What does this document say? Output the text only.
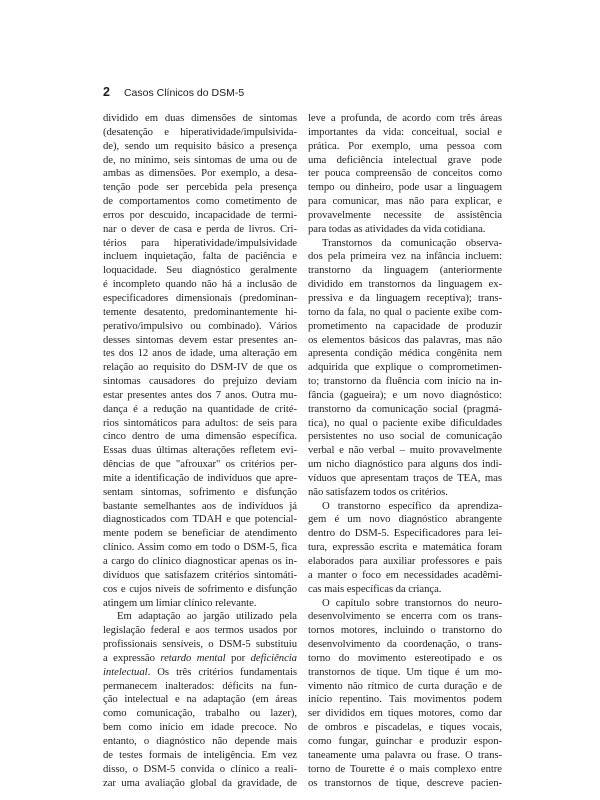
2 Casos Clínicos do DSM-5
dividido em duas dimensões de sintomas
(desatenção e hiperatividade/impulsivida-
de), sendo um requisito básico a presença
de, no mínimo, seis sintomas de uma ou de
ambas as dimensões. Por exemplo, a desa-
tenção pode ser percebida pela presença
de comportamentos como cometimento de
erros por descuido, incapacidade de termi-
nar o dever de casa e perda de livros. Cri-
térios para hiperatividade/impulsividade
incluem inquietação, falta de paciência e
loquacidade. Seu diagnóstico geralmente
é incompleto quando não há a inclusão de
especificadores dimensionais (predominan-
temente desatento, predominantemente hi-
perativo/impulsivo ou combinado). Vários
desses sintomas devem estar presentes an-
tes dos 12 anos de idade, uma alteração em
relação ao requisito do DSM-IV de que os
sintomas causadores do prejuízo deviam
estar presentes antes dos 7 anos. Outra mu-
dança é a redução na quantidade de crité-
rios sintomáticos para adultos: de seis para
cinco dentro de uma dimensão específica.
Essas duas últimas alterações refletem evi-
dências de que "afrouxar" os critérios per-
mite a identificação de indivíduos que apre-
sentam sintomas, sofrimento e disfunção
bastante semelhantes aos de indivíduos já
diagnosticados com TDAH e que potencial-
mente podem se beneficiar de atendimento
clínico. Assim como em todo o DSM-5, fica
a cargo do clínico diagnosticar apenas os in-
divíduos que satisfazem critérios sintomáti-
cos e cujos níveis de sofrimento e disfunção
atingem um limiar clínico relevante.
Em adaptação ao jargão utilizado pela
legislação federal e aos termos usados por
profissionais sensíveis, o DSM-5 substituiu
a expressão retardo mental por deficiência
intelectual. Os três critérios fundamentais
permanecem inalterados: déficits na fun-
ção intelectual e na adaptação (em áreas
como comunicação, trabalho ou lazer),
bem como início em idade precoce. No
entanto, o diagnóstico não depende mais
de testes formais de inteligência. Em vez
disso, o DSM-5 convida o clínico a reali-
zar uma avaliação global da gravidade, de
leve a profunda, de acordo com três áreas
importantes da vida: conceitual, social e
prática. Por exemplo, uma pessoa com
uma deficiência intelectual grave pode
ter pouca compreensão de conceitos como
tempo ou dinheiro, pode usar a linguagem
para comunicar, mas não para explicar, e
provavelmente necessite de assistência
para todas as atividades da vida cotidiana.
Transtornos da comunicação observa-
dos pela primeira vez na infância incluem:
transtorno da linguagem (anteriormente
dividido em transtornos da linguagem ex-
pressiva e da linguagem receptiva); trans-
torno da fala, no qual o paciente exibe com-
prometimento na capacidade de produzir
os elementos básicos das palavras, mas não
apresenta condição médica congênita nem
adquirida que explique o comprometimen-
to; transtorno da fluência com início na in-
fância (gagueira); e um novo diagnóstico:
transtorno da comunicação social (pragmá-
tica), no qual o paciente exibe dificuldades
persistentes no uso social de comunicação
verbal e não verbal – muito provavelmente
um nicho diagnóstico para alguns dos indi-
víduos que apresentam traços de TEA, mas
não satisfazem todos os critérios.
O transtorno específico da aprendiza-
gem é um novo diagnóstico abrangente
dentro do DSM-5. Especificadores para lei-
tura, expressão escrita e matemática foram
elaborados para auxiliar professores e pais
a manter o foco em necessidades acadêmi-
cas mais específicas da criança.
O capítulo sobre transtornos do neuro-
desenvolvimento se encerra com os trans-
tornos motores, incluindo o transtorno do
desenvolvimento da coordenação, o trans-
torno do movimento estereotipado e os
transtornos de tique. Um tique é um mo-
vimento não rítmico de curta duração e de
início repentino. Tais movimentos podem
ser divididos em tiques motores, como dar
de ombros e piscadelas, e tiques vocais,
como fungar, guinchar e produzir espon-
taneamente uma palavra ou frase. O trans-
torno de Tourette é o mais complexo entre
os transtornos de tique, descreve pacien-
